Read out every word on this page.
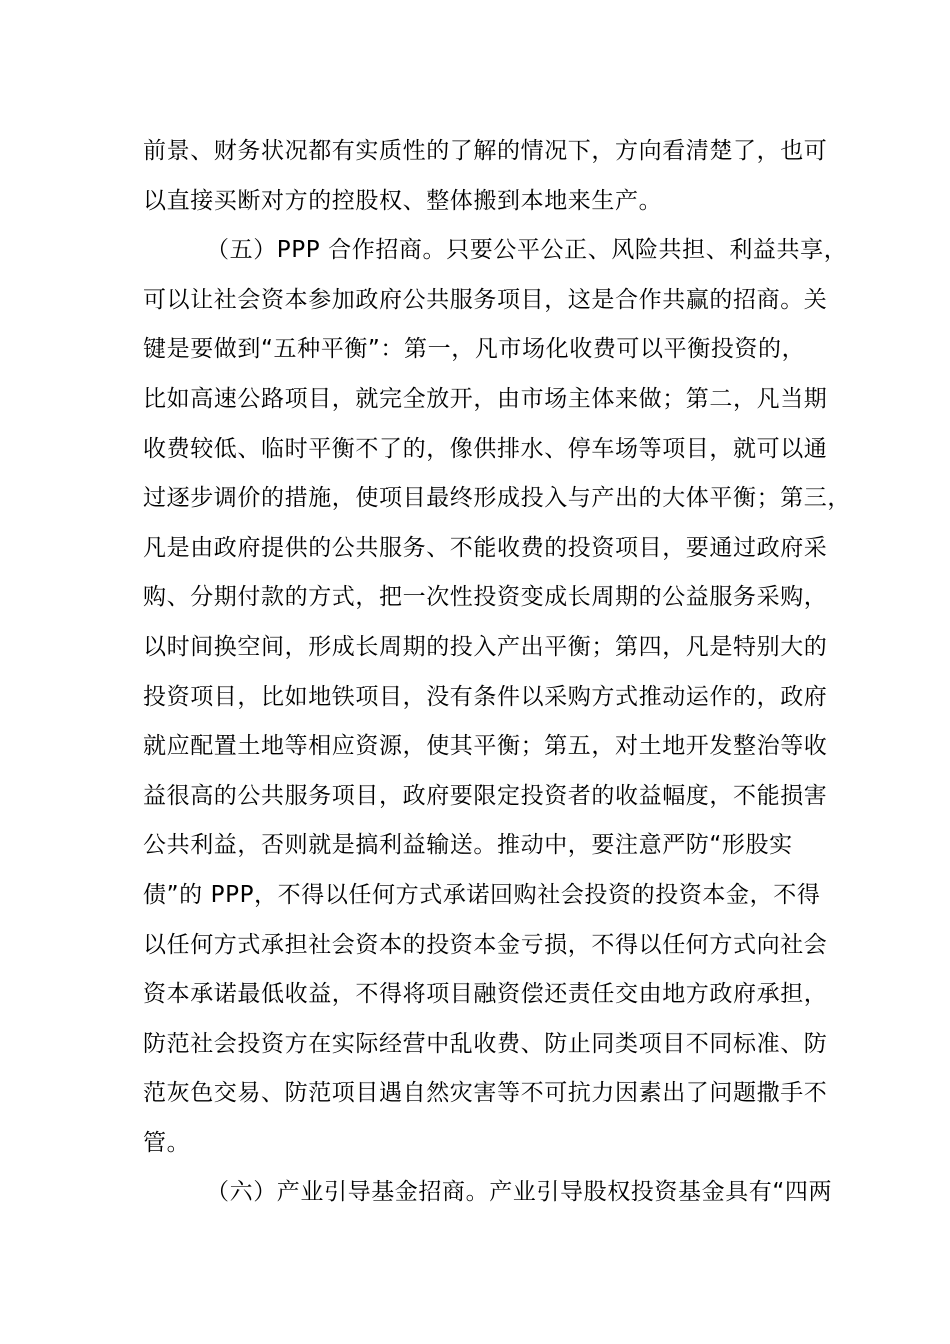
前景、财务状况都有实质性的了解的情况下，方向看清楚了，也可
以直接买断对方的控股权、整体搬到本地来生产。
（五）PPP 合作招商。只要公平公正、风险共担、利益共享，
可以让社会资本参加政府公共服务项目，这是合作共赢的招商。关
键是要做到“五种平衡”：第一，凡市场化收费可以平衡投资的，
比如高速公路项目，就完全放开，由市场主体来做；第二，凡当期
收费较低、临时平衡不了的，像供排水、停车场等项目，就可以通
过逐步调价的措施，使项目最终形成投入与产出的大体平衡；第三，
凡是由政府提供的公共服务、不能收费的投资项目，要通过政府采
购、分期付款的方式，把一次性投资变成长周期的公益服务采购，
以时间换空间，形成长周期的投入产出平衡；第四，凡是特别大的
投资项目，比如地铁项目，没有条件以采购方式推动运作的，政府
就应配置土地等相应资源，使其平衡；第五，对土地开发整治等收
益很高的公共服务项目，政府要限定投资者的收益幅度，不能损害
公共利益，否则就是搞利益输送。推动中，要注意严防“形股实
债”的 PPP，不得以任何方式承诺回购社会投资的投资本金，不得
以任何方式承担社会资本的投资本金亏损，不得以任何方式向社会
资本承诺最低收益，不得将项目融资偿还责任交由地方政府承担，
防范社会投资方在实际经营中乱收费、防止同类项目不同标准、防
范灰色交易、防范项目遇自然灾害等不可抗力因素出了问题撒手不
管。
（六）产业引导基金招商。产业引导股权投资基金具有“四两
